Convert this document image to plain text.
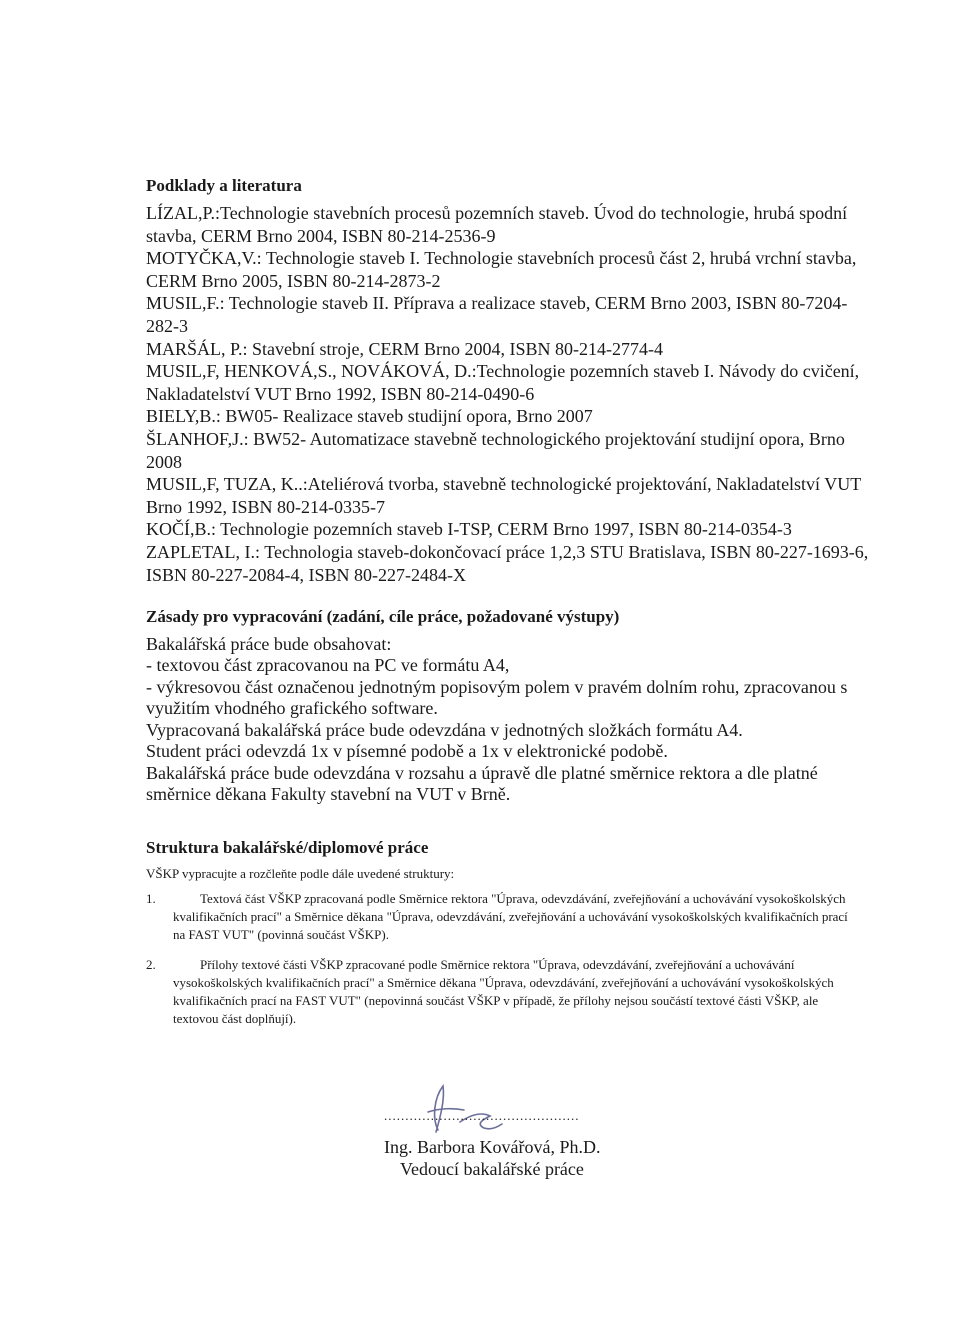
Podklady a literatura

LÍZAL,P.:Technologie stavebních procesů pozemních staveb. Úvod do technologie, hrubá spodní stavba, CERM Brno 2004, ISBN 80-214-2536-9

MOTYČKA,V.: Technologie staveb I. Technologie stavebních procesů část 2, hrubá vrchní stavba, CERM Brno 2005, ISBN 80-214-2873-2

MUSIL,F.: Technologie staveb II. Příprava a realizace staveb, CERM Brno 2003, ISBN 80-7204-282-3

MARŠÁL, P.: Stavební stroje, CERM Brno 2004, ISBN 80-214-2774-4

MUSIL,F, HENKOVÁ,S., NOVÁKOVÁ, D.:Technologie pozemních staveb I. Návody do cvičení, Nakladatelství VUT Brno 1992, ISBN 80-214-0490-6

BIELY,B.: BW05- Realizace staveb studijní opora, Brno 2007

ŠLANHOF,J.: BW52- Automatizace stavebně technologického projektování studijní opora, Brno 2008

MUSIL,F, TUZA, K..:Ateliérová tvorba, stavebně technologické projektování, Nakladatelství VUT Brno 1992, ISBN 80-214-0335-7

KOČÍ,B.: Technologie pozemních staveb I-TSP, CERM Brno 1997, ISBN 80-214-0354-3

ZAPLETAL, I.: Technologia staveb-dokončovací práce 1,2,3 STU Bratislava, ISBN 80-227-1693-6, ISBN 80-227-2084-4, ISBN 80-227-2484-X

Zásady pro vypracování (zadání, cíle práce, požadované výstupy)

Bakalářská práce bude obsahovat:

- textovou část zpracovanou na PC ve formátu A4,

- výkresovou část označenou jednotným popisovým polem v pravém dolním rohu, zpracovanou s využitím vhodného grafického software.

Vypracovaná bakalářská práce bude odevzdána v jednotných složkách formátu A4.

Student práci odevzdá 1x v písemné podobě a 1x v elektronické podobě.

Bakalářská práce bude odevzdána v rozsahu a úpravě dle platné směrnice rektora a dle platné směrnice děkana Fakulty stavební na VUT v Brně.

Struktura bakalářské/diplomové práce

VŠKP vypracujte a rozčleňte podle dále uvedené struktury:

1.	Textová část VŠKP zpracovaná podle Směrnice rektora "Úprava, odevzdávání, zveřejňování a uchovávání vysokoškolských kvalifikačních prací" a Směrnice děkana "Úprava, odevzdávání, zveřejňování a uchovávání vysokoškolských kvalifikačních prací na FAST VUT" (povinná součást VŠKP).
2.	Přílohy textové části VŠKP zpracované podle Směrnice rektora "Úprava, odevzdávání, zveřejňování a uchovávání vysokoškolských kvalifikačních prací" a Směrnice děkana "Úprava, odevzdávání, zveřejňování a uchovávání vysokoškolských kvalifikačních prací na FAST VUT" (nepovinná součást VŠKP v případě, že přílohy nejsou součástí textové části VŠKP, ale textovou část doplňují).
..............................................
Ing. Barbora Kovářová, Ph.D.
Vedoucí bakalářské práce
